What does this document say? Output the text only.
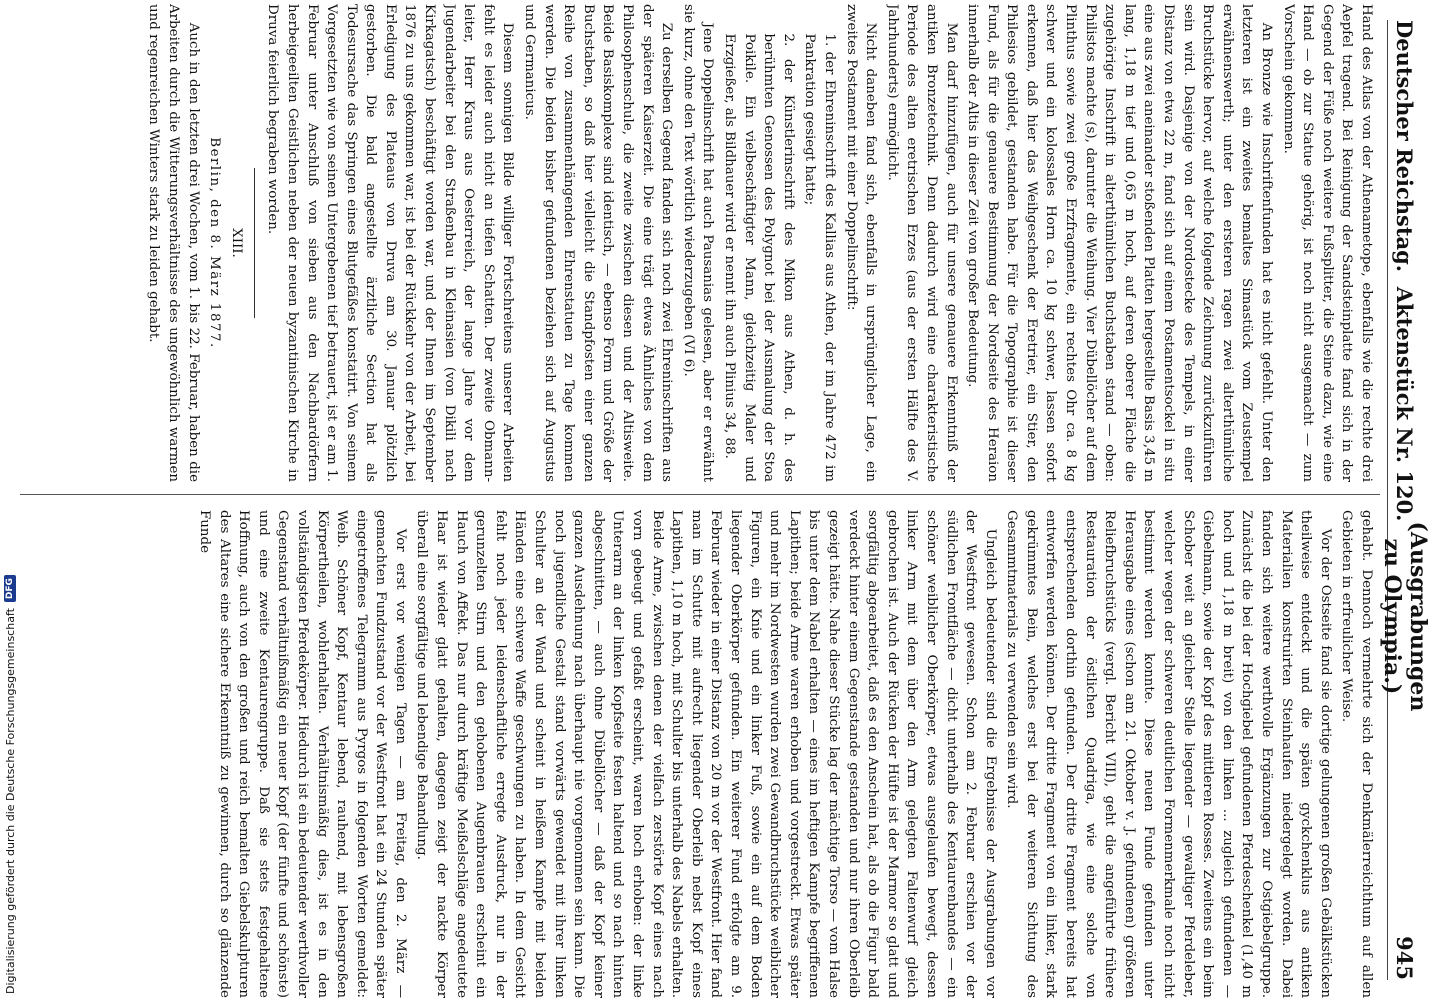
Deutscher Reichstag.
Aktenstück Nr. 120.
(Ausgrabungen zu Olympia.)
945

Hand des Atlas von der Athenametope, ebenfalls wie die rechte drei Aepfel tragend. Bei Reinigung der Sandsteinplatte fand sich in der Gegend der Füße noch weitere Fußsplitter, die Steine dazu, wie eine Hand — ob zur Statue gehörig, ist noch nicht ausgemacht — zum Vorschein gekommen.

An Bronze wie Inschriftenfunden hat es nicht gefehlt. Unter den letzteren ist ein zweites bemaltes Simastück vom Zeustempel erwähnenswerth; unter den ersteren ragen zwei alterthümliche Bruchstücke hervor, auf welche folgende Zeichnung zurückzuführen sein wird. Dasjenige von der Nordostecke des Tempels, in einer Distanz von etwa 22 m, fand sich auf einem Postamentsockel in situ eine aus zwei aneinander stoßenden Platten hergestellte Basis 3,45 m lang, 1,18 m tief und 0,65 m hoch, auf deren oberer Fläche die zugehörige Inschrift in alterthümlichen Buchstaben stand — oben: Philistos machte (s), darunter die Weihung. Vier Dübellöcher auf dem Plinthus sowie zwei große Erzfragmente, ein rechtes Ohr ca. 8 kg schwer und ein kolossales Horn ca. 10 kg schwer, lassen sofort erkennen, daß hier das Weihgeschenk der Eretrier, ein Stier, den Philesios gebildet, gestanden habe. Für die Topographie ist dieser Fund, als für die genauere Bestimmung der Nordseite des Heraion innerhalb der Altis in dieser Zeit von großer Bedeutung.

Man darf hinzufügen, auch für unsere genauere Erkenntniß der antiken Bronzetechnik. Denn dadurch wird eine charakteristische Periode des alten eretrischen Erzes (aus der ersten Hälfte des V. Jahrhunderts) ermöglicht.

Nicht daneben fand sich, ebenfalls in ursprünglicher Lage, ein zweites Postament mit einer Doppelinschrift:

1. der Ehreninschrift des Kallias aus Athen, der im Jahre 472 im Pankration gesiegt hatte;

2. der Künstlerinschrift des Mikon aus Athen, d. h. des berühmten Genossen des Polygnot bei der Ausmalung der Stoa Poikile. Ein vielbeschäftigter Mann, gleichzeitig Maler und Erzgießer, als Bildhauer wird er nennt ihn auch Plinius 34, 88.

Jene Doppelinschrift hat auch Pausanias gelesen, aber er erwähnt sie kurz, ohne den Text wörtlich wiederzugeben (VI 6).

Zu derselben Gegend fanden sich noch zwei Ehreninschriften aus der späteren Kaiserzeit. Die eine trägt etwas Ähnliches von dem Philosophenschule, die zweite zwischen diesen und der Altisweite. Beide Basiskomplexe sind identisch, — ebenso Form und Größe der Buchstaben, so daß hier vielleicht die Standpfosten einer ganzen Reihe von zusammenhängenden Ehrenstatuen zu Tage kommen werden. Die beiden bisher gefundenen beziehen sich auf Augustus und Germanicus.

Diesem sonnigen Bilde williger Fortschreitens unserer Arbeiten fehlt es leider auch nicht an tiefen Schatten. Der zweite Obmann-leiter, Herr Kraus aus Oesterreich, der lange Jahre vor dem Jugendarbeiter bei den Straßenbau in Kleinasien (von Dikili nach Kirkagatsch) beschäftigt worden war, und der Ihnen im September 1876 zu uns gekommen war, ist bei der Rückkehr von der Arbeit, bei Erledigung des Plateaus von Druva am 30. Januar plötzlich gestorben. Die bald angestellte ärztliche Section hat als Todesursache das Springen eines Blutgefäßes konstatirt. Von seinem Vorgesetzten wie von seinen Untergebenen tief betrauert, ist er am 1. Februar unter Anschluß von sieben aus den Nachbardörfern herbeigeeilten Geistlichen neben der neuen byzantinischen Kirche in Druva feierlich begraben worden.

XIII.

Berlin, den 8. März 1877.

Auch in den letzten drei Wochen, vom 1. bis 22. Februar, haben die Arbeiten durch die Witterungsverhältnisse des ungewöhnlich warmen und regenreichen Winters stark zu leiden gehabt.

gehabt. Dennoch vermehrte sich der Denkmälerreichthum auf allen Gebieten in erfreulicher Weise.

Vor der Ostseite fand sie dortige gelungenen großen Gebälkstücken theilweise entdeckt und die späten gyckchenklus aus antiken Materialien konstruirten Steinhaufen niedergelegt worden. Dabei fanden sich weitere werthvolle Ergänzungen zur Ostgiebelgruppe. Zunächst die bei der Hochgiebel gefundenen Pferdeschenkel (1,40 m hoch und 1,18 m breit) von den linken ... zugleich gefundenen — Giebelmann, sowie der Kopf des mittleren Rosses. Zweitens ein beim Schober weit an gleicher Stelle liegender — gewaltiger Pferdeleber, welcher wegen der schweren deutlichen Formenmerkmale noch nicht bestimmt werden konnte. Diese neuen Funde gefunden unter Herausgabe eines (schon am 21. Oktober v. J. gefundenen) größeren Reliefbruchstücks (vergl. Bericht VIII), geht die angeführte frühere Restauration der östlichen Quadriga, wie eine solche von entsprechenden dorthin gefunden. Der dritte Fragment bereits hat entworfen werden können. Der dritte Fragment von ein linker, stark gekrümmtes Bein, welches erst bei der weiteren Sichtung des Gesammtmaterials zu verwenden sein wird.

Ungleich bedeutender sind die Ergebnisse der Ausgrabungen vor der Westfront gewesen. Schon am 2. Februar erschien vor der südlichen Frontfläche — dicht unterhalb des Kentaurenbandes — ein schöner weiblicher Oberkörper, etwas ausgelaufen bewegt, dessen linker Arm mit dem über den Arm gelegten Faltenwurf gleich gebrochen ist. Auch der Rücken der Hüfte ist der Marmor so glatt und sorgfältig abgearbeitet, daß es den Anschein hat, als ob die Figur bald verdeckt hinter einem Gegenstande gestanden und nur ihren Oberleib gezeigt hätte. Nahe dieser Stücke lag der mächtige Torso — vom Halse bis unter dem Nabel erhalten — eines im heftigen Kampfe begriffenen Lapithen; beide Arme waren erhoben und vorgestreckt. Etwas später und mehr im Nordwesten wurden zwei Gewandbruchstücke weiblicher Figuren, ein Knie und ein linker Fuß, sowie ein auf dem Boden liegender Oberkörper gefunden. Ein weiterer Fund erfolgte am 9. Februar wieder in einer Distanz von 20 m vor der Westfront. Hier fand man im Schutte mit aufrecht liegender Oberleib nebst Kopf eines Lapithen, 1,10 m hoch, mit Schulter bis unterhalb des Nabels erhalten. Beide Arme, zwischen denen der vielfach zerstörte Kopf eines nach vorn gebeugt und gefaßt erscheint, waren hoch erhoben: der linke Unterarm an der linken Kopfseite festen haltend und so nach hinten abgeschnitten, — auch ohne Dübellöcher — daß der Kopf keiner ganzen Ausdehnung nach überhaupt nie vorgenommen sein kann. Die noch jugendliche Gestalt stand vorwärts gewendet mit ihrer linken Schulter an der Wand und scheint in heißem Kampfe mit beiden Händen eine schwere Waffe geschwungen zu haben. In dem Gesicht fehlt noch jeder leidenschaftliche erregte Ausdruck, nur in der gerunzelten Stirn und den gehobenen Augenbrauen erscheint ein Hauch von Affekt. Das nur durch kräftige Meißelschläge angedeutete Haar ist wieder glatt gehalten, dagegen zeigt der nackte Körper überall eine sorgfältige und lebendige Behandlung.

Vor erst vor wenigen Tagen — am Freitag, den 2. März — gemachten Fundzustand vor der Westfront hat ein 24 Stunden später eingetroffenes Telegramm aus Pyrgos in folgenden Worten gemeldet: Weib. Schöner Kopf, Kentaur lebend, rauhend, mit lebensgroßen Körpertheilen, wohlerhalten. Verhältnismäßig dies, ist es in den vollständigsten Pferdekörper. Hiedurch ist ein bedeutender werthvoller Gegenstand verhältnißmäßig ein neuer Kopf (der fünfte und schönste) und eine zweite Kentaurengruppe. Daß sie stets festgehaltene Hoffnung, auch von den großen und reich bemalten Giebelskulpturen des Altares eine sichere Erkenntniß zu gewinnen, durch so glänzende Funde

Digitalisierung gefördert durch die Deutsche Forschungsgemeinschaft
DFG
